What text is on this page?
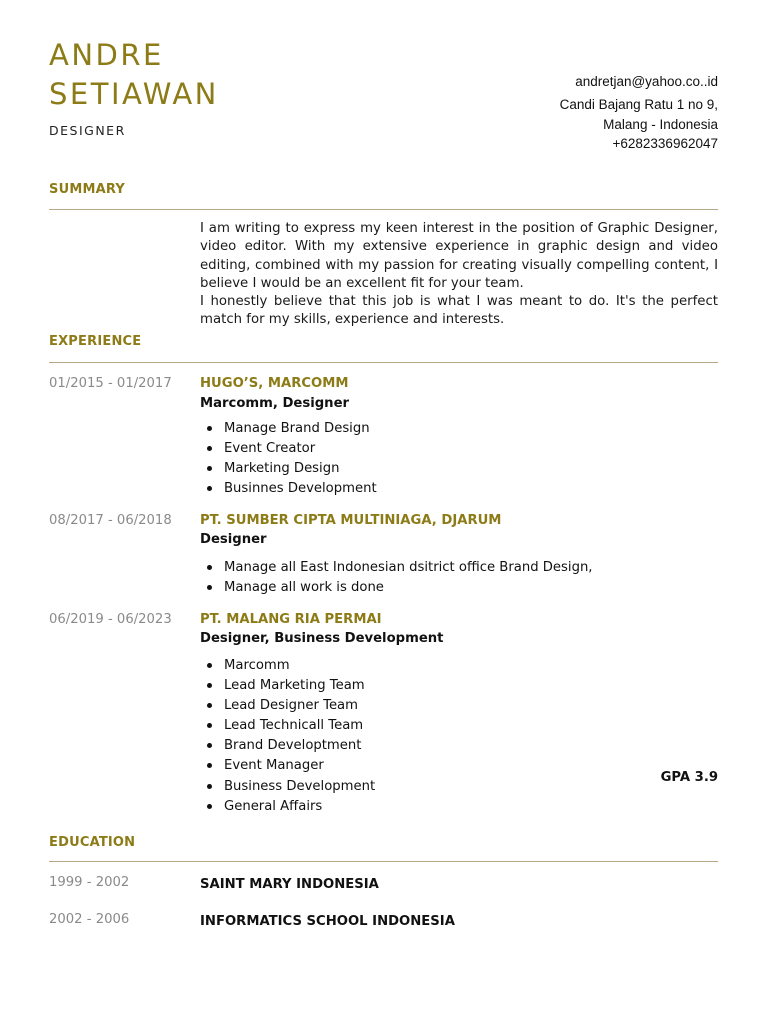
ANDRE
SETIAWAN
DESIGNER
andretjan@yahoo.co..id
Candi Bajang Ratu 1 no 9,
Malang - Indonesia
+6282336962047
SUMMARY

I am writing to express my keen interest in the position of Graphic Designer, video editor. With my extensive experience in graphic design and video editing, combined with my passion for creating visually compelling content, I believe I would be an excellent fit for your team.

I honestly believe that this job is what I was meant to do. It's the perfect match for my skills, experience and interests.

EXPERIENCE
01/2015 - 01/2017 HUGO’S, MARCOMM
Marcomm, Designer
Manage Brand Design
Event Creator
Marketing Design
Businnes Development
08/2017 - 06/2018 PT. SUMBER CIPTA MULTINIAGA, DJARUM
Designer
Manage all East Indonesian dsitrict office Brand Design,
Manage all work is done
06/2019 - 06/2023 PT. MALANG RIA PERMAI
Designer, Business Development
Marcomm
Lead Marketing Team
Lead Designer Team
Lead Technicall Team
Brand Developtment
Event Manager
Business Development
General Affairs
GPA 3.9
EDUCATION
1999 - 2002	SAINT MARY INDONESIA
2002 - 2006	INFORMATICS SCHOOL INDONESIA
